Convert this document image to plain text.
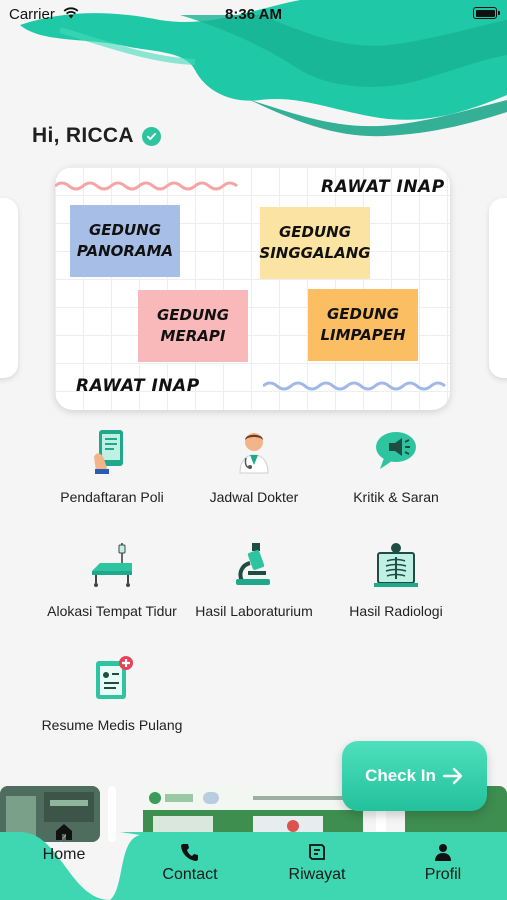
Carrier	8:36 AM
Hi, RICCA
RAWAT INAP
RAWAT INAP
GEDUNG
PANORAMA
GEDUNG
SINGGALANG
GEDUNG
MERAPI
GEDUNG
LIMPAPEH
Pendaftaran Poli	Jadwal Dokter	Kritik & Saran
Alokasi Tempat Tidur	Hasil Laboraturium	Hasil Radiologi
Resume Medis Pulang
Check In
Home
Contact	Riwayat	Profil
